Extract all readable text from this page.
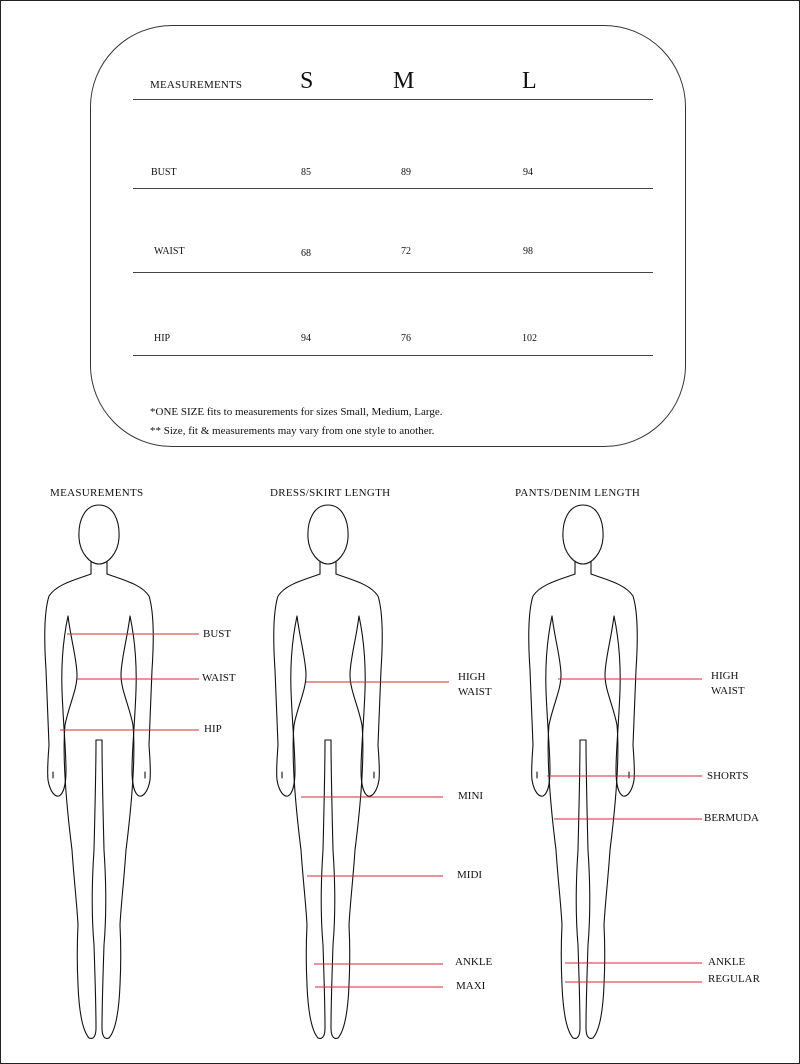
MEASUREMENTS S	M	L
BUST	85	89	94
WAIST	68	72	98
HIP	94	76	102
*ONE SIZE fits to measurements for sizes Small, Medium, Large.
** Size, fit & measurements may vary from one style to another.
MEASUREMENTS	DRESS/SKIRT LENGTH	PANTS/DENIM LENGTH
BUST
WAIST
HIP
HIGH
WAIST
MINI
MIDI
ANKLE
MAXI
HIGH
WAIST
SHORTS
BERMUDA
ANKLE
REGULAR
